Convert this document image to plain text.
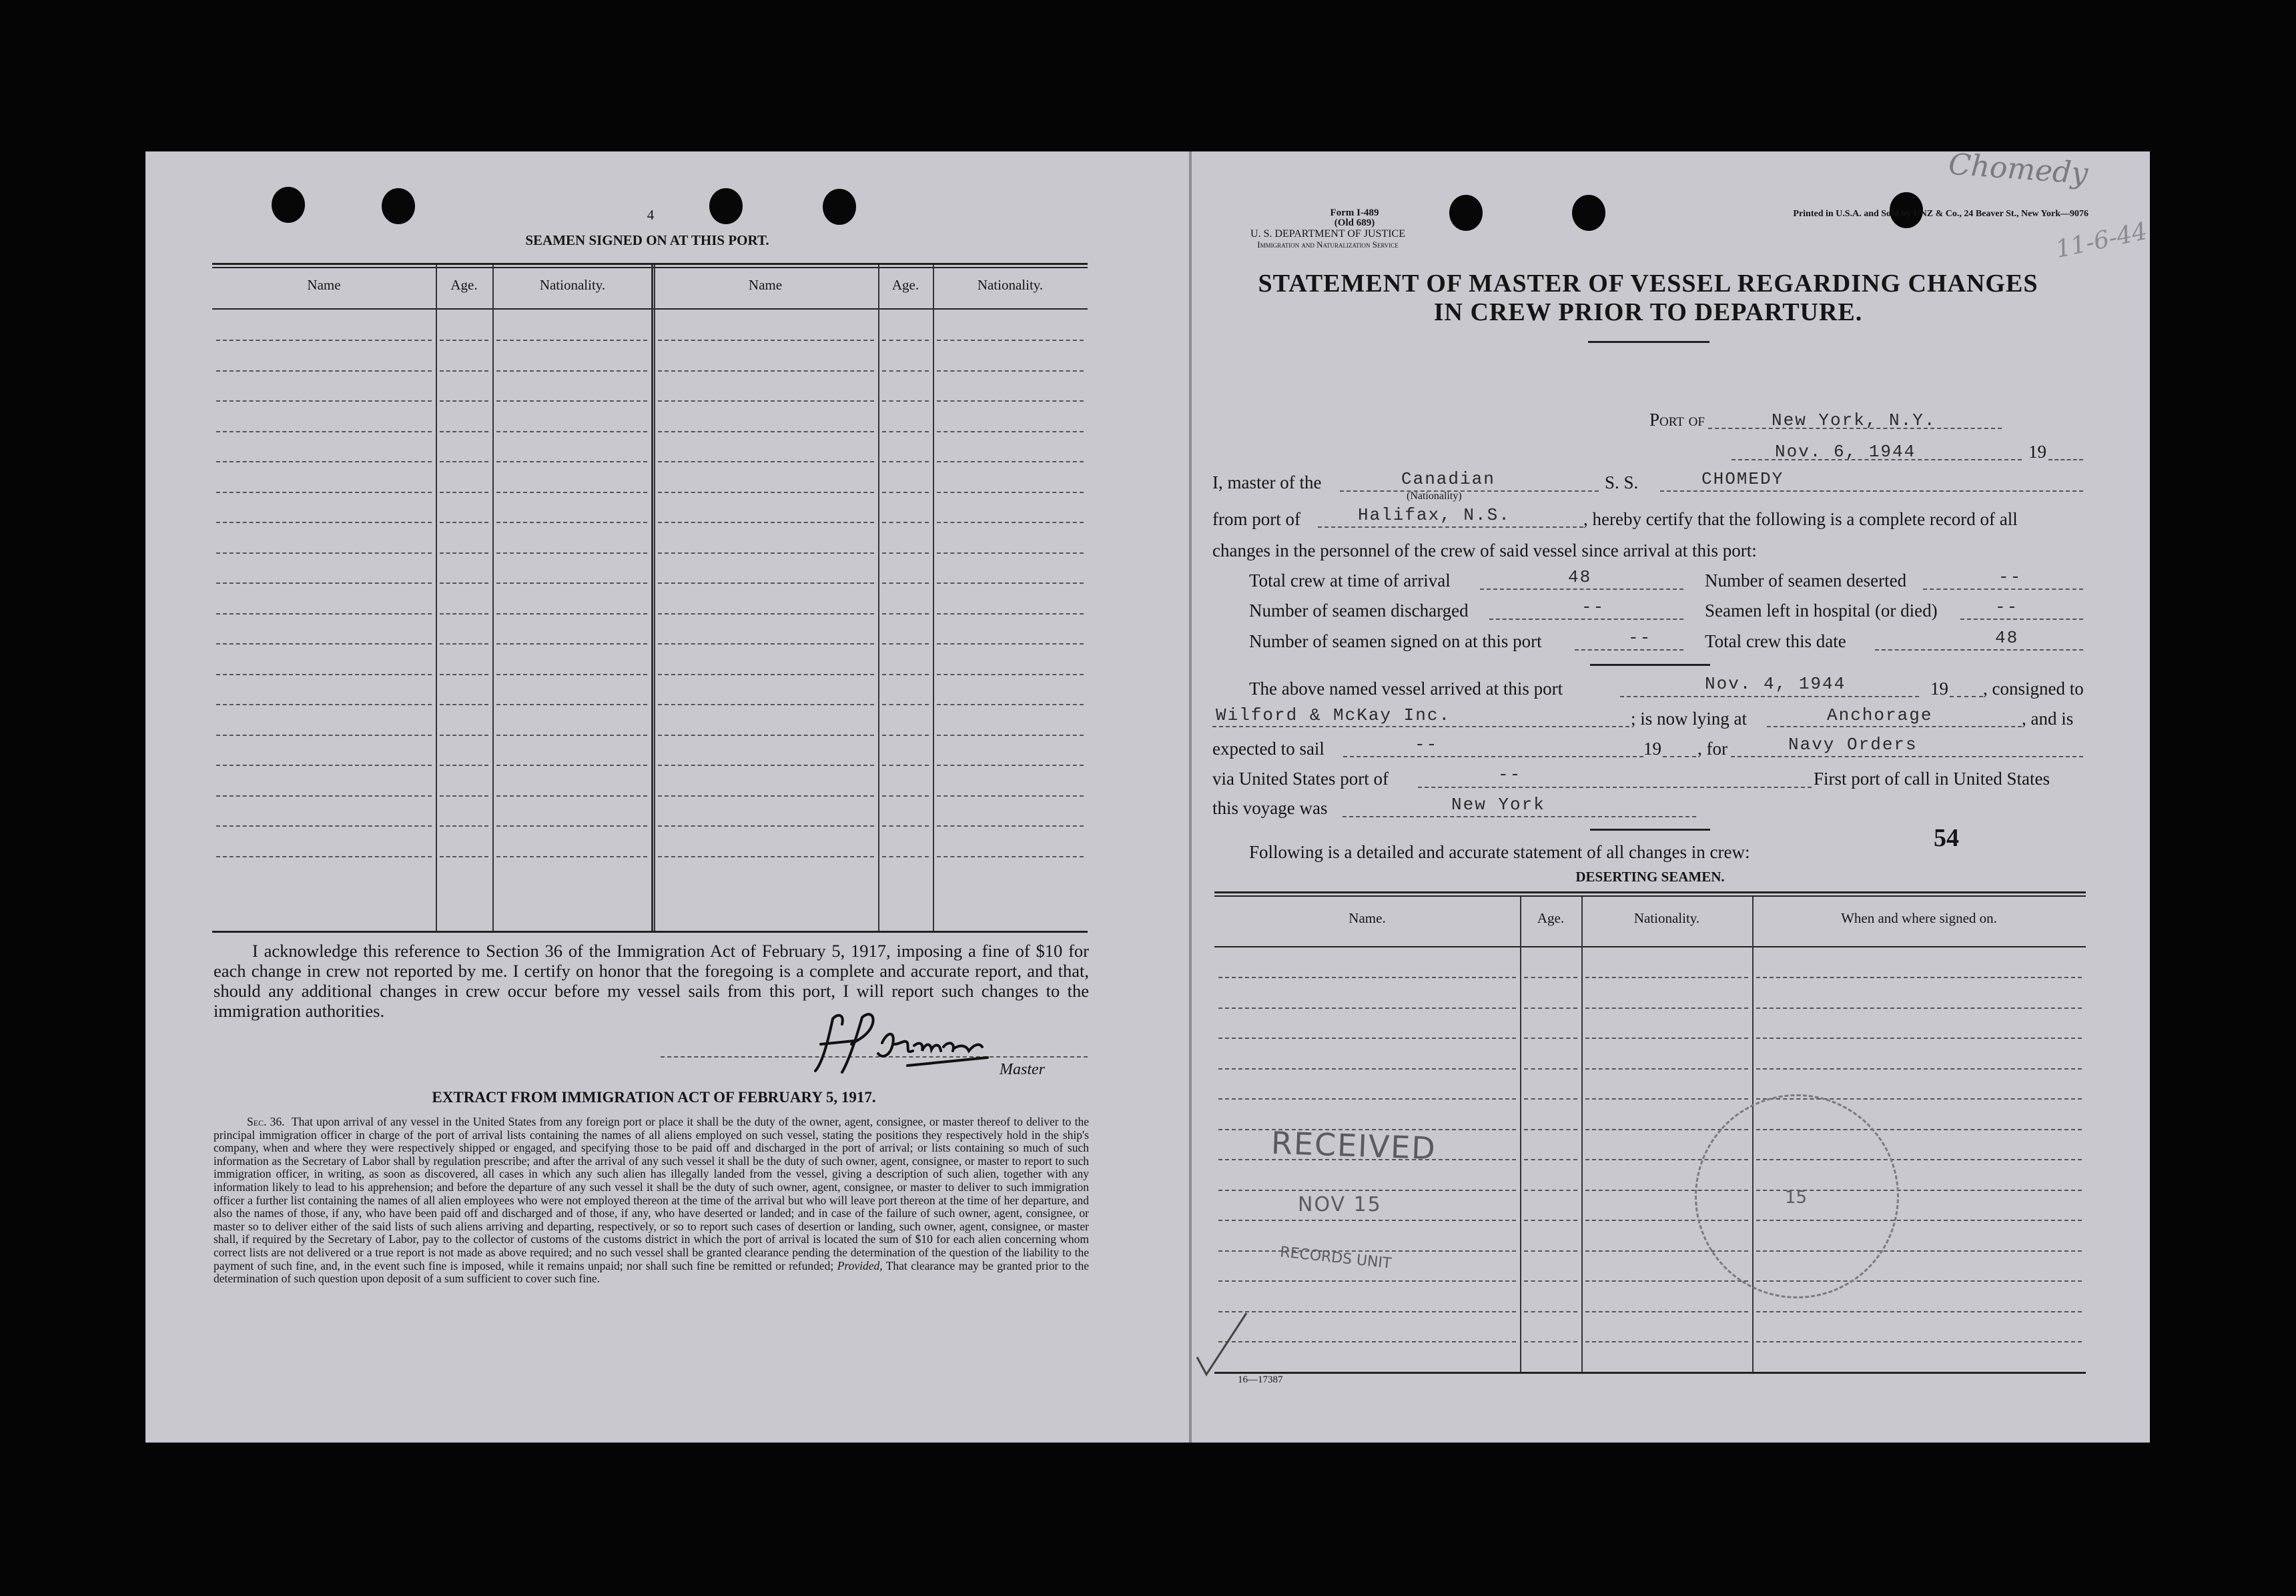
4
SEAMEN SIGNED ON AT THIS PORT.
Name	Age.	Nationality.	Name	Age.	Nationality.
I acknowledge this reference to Section 36 of the Immigration Act of February 5, 1917, imposing a fine of $10 for each change in crew not reported by me. I certify on honor that the foregoing is a complete and accurate report, and that, should any additional changes in crew occur before my vessel sails from this port, I will report such changes to the immigration authorities.
Master
EXTRACT FROM IMMIGRATION ACT OF FEBRUARY 5, 1917.
Sec. 36. That upon arrival of any vessel in the United States from any foreign port or place it shall be the duty of the owner, agent, consignee, or master thereof to deliver to the principal immigration officer in charge of the port of arrival lists containing the names of all aliens employed on such vessel, stating the positions they respectively hold in the ship's company, when and where they were respectively shipped or engaged, and specifying those to be paid off and discharged in the port of arrival; or lists containing so much of such information as the Secretary of Labor shall by regulation prescribe; and after the arrival of any such vessel it shall be the duty of such owner, agent, consignee, or master to report to such immigration officer, in writing, as soon as discovered, all cases in which any such alien has illegally landed from the vessel, giving a description of such alien, together with any information likely to lead to his apprehension; and before the departure of any such vessel it shall be the duty of such owner, agent, consignee, or master to deliver to such immigration officer a further list containing the names of all alien employees who were not employed thereon at the time of the arrival but who will leave port thereon at the time of her departure, and also the names of those, if any, who have been paid off and discharged and of those, if any, who have deserted or landed; and in case of the failure of such owner, agent, consignee, or master so to deliver either of the said lists of such aliens arriving and departing, respectively, or so to report such cases of desertion or landing, such owner, agent, consignee, or master shall, if required by the Secretary of Labor, pay to the collector of customs of the customs district in which the port of arrival is located the sum of $10 for each alien concerning whom correct lists are not delivered or a true report is not made as above required; and no such vessel shall be granted clearance pending the determination of the question of the liability to the payment of such fine, and, in the event such fine is imposed, while it remains unpaid; nor shall such fine be remitted or refunded; Provided, That clearance may be granted prior to the determination of such question upon deposit of a sum sufficient to cover such fine.
Form I-489
(Old 689)
U. S. DEPARTMENT OF JUSTICE
Immigration and Naturalization Service
Printed in U.S.A. and Sold by UNZ & Co., 24 Beaver St., New York—9076
STATEMENT OF MASTER OF VESSEL REGARDING CHANGES
IN CREW PRIOR TO DEPARTURE.
Port of	New York, N.Y.
Nov. 6, 1944	19
I, master of the	Canadian
(Nationality)
S. S.	CHOMEDY
from port of	Halifax, N.S.	, hereby certify that the following is a complete record of all
changes in the personnel of the crew of said vessel since arrival at this port:
Total crew at time of arrival	48	Number of seamen deserted	--
Number of seamen discharged	--	Seamen left in hospital (or died)	--
Number of seamen signed on at this port	--	Total crew this date	48
The above named vessel arrived at this port	Nov. 4, 1944	19 , consigned to
Wilford & McKay Inc.	; is now lying at	Anchorage	, and is
expected to sail	--	19 , for	Navy Orders
via United States port of	--	First port of call in United States
this voyage was	New York
54
Following is a detailed and accurate statement of all changes in crew:
DESERTING SEAMEN.
Name.	Age.	Nationality.	When and where signed on.
16—17387
Chomedy
11-6-44
RECEIVED
NOV 15
RECORDS UNIT
15
